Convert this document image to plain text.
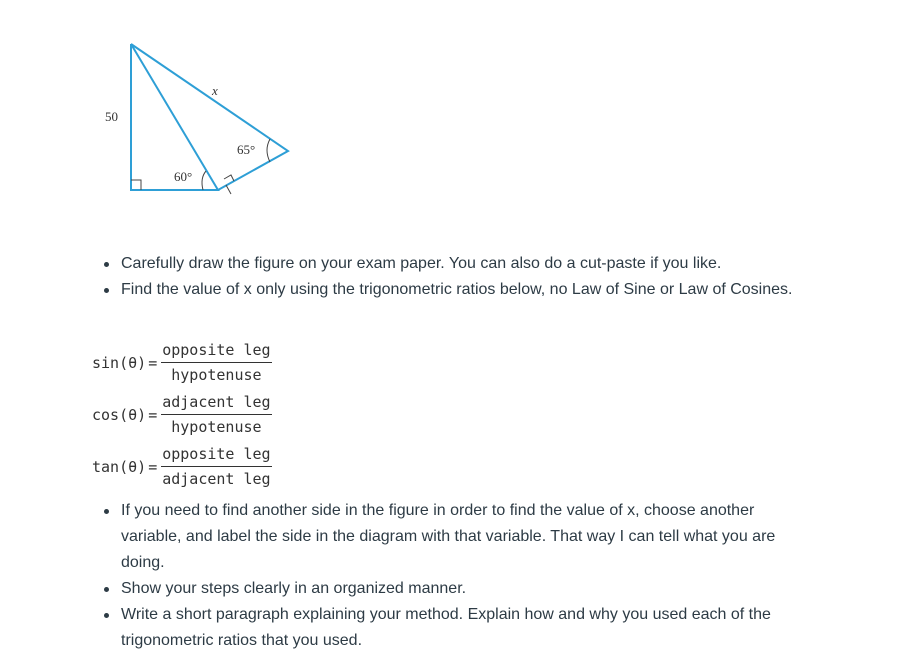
50
x
60°
65°
Carefully draw the figure on your exam paper. You can also do a cut-paste if you like.
Find the value of x only using the trigonometric ratios below, no Law of Sine or Law of Cosines.
$\sin(\theta) = \frac{\text{opposite leg}}{\text{hypotenuse}}$
$\cos(\theta) = \frac{\text{adjacent leg}}{\text{hypotenuse}}$
$\tan(\theta) = \frac{\text{opposite leg}}{\text{adjacent leg}}$
If you need to find another side in the figure in order to find the value of x, choose another variable, and label the side in the diagram with that variable. That way I can tell what you are doing.
Show your steps clearly in an organized manner.
Write a short paragraph explaining your method. Explain how and why you used each of the trigonometric ratios that you used.
